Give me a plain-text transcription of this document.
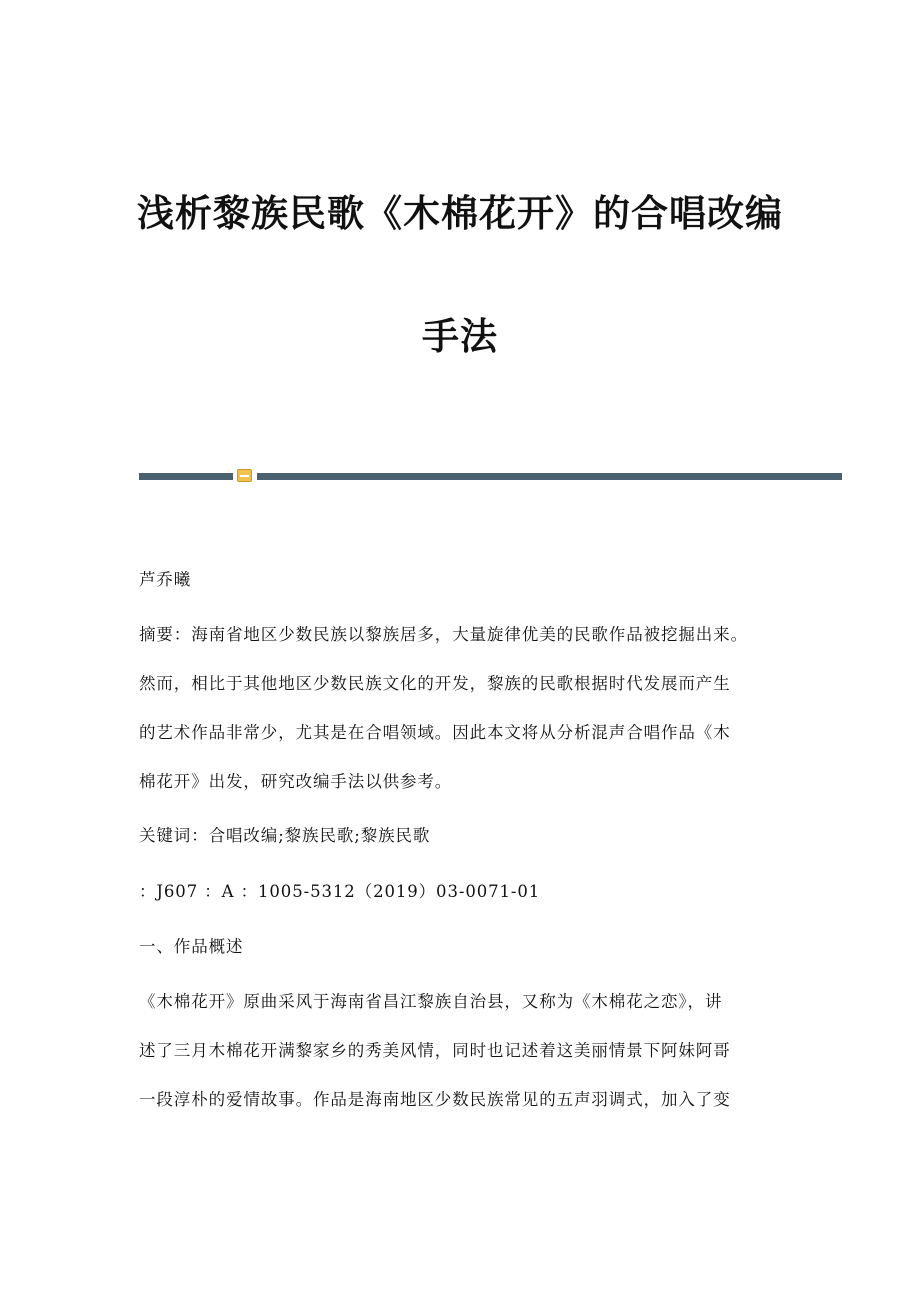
浅析黎族民歌《木棉花开》的合唱改编
手法
芦乔曦
摘要：海南省地区少数民族以黎族居多，大量旋律优美的民歌作品被挖掘出来。
然而，相比于其他地区少数民族文化的开发，黎族的民歌根据时代发展而产生
的艺术作品非常少，尤其是在合唱领域。因此本文将从分析混声合唱作品《木
棉花开》出发，研究改编手法以供参考。
关键词：合唱改编;黎族民歌;黎族民歌
：J607 ：A ：1005-5312（2019）03-0071-01
一、作品概述
《木棉花开》原曲采风于海南省昌江黎族自治县，又称为《木棉花之恋》，讲
述了三月木棉花开满黎家乡的秀美风情，同时也记述着这美丽情景下阿妹阿哥
一段淳朴的爱情故事。作品是海南地区少数民族常见的五声羽调式，加入了变
